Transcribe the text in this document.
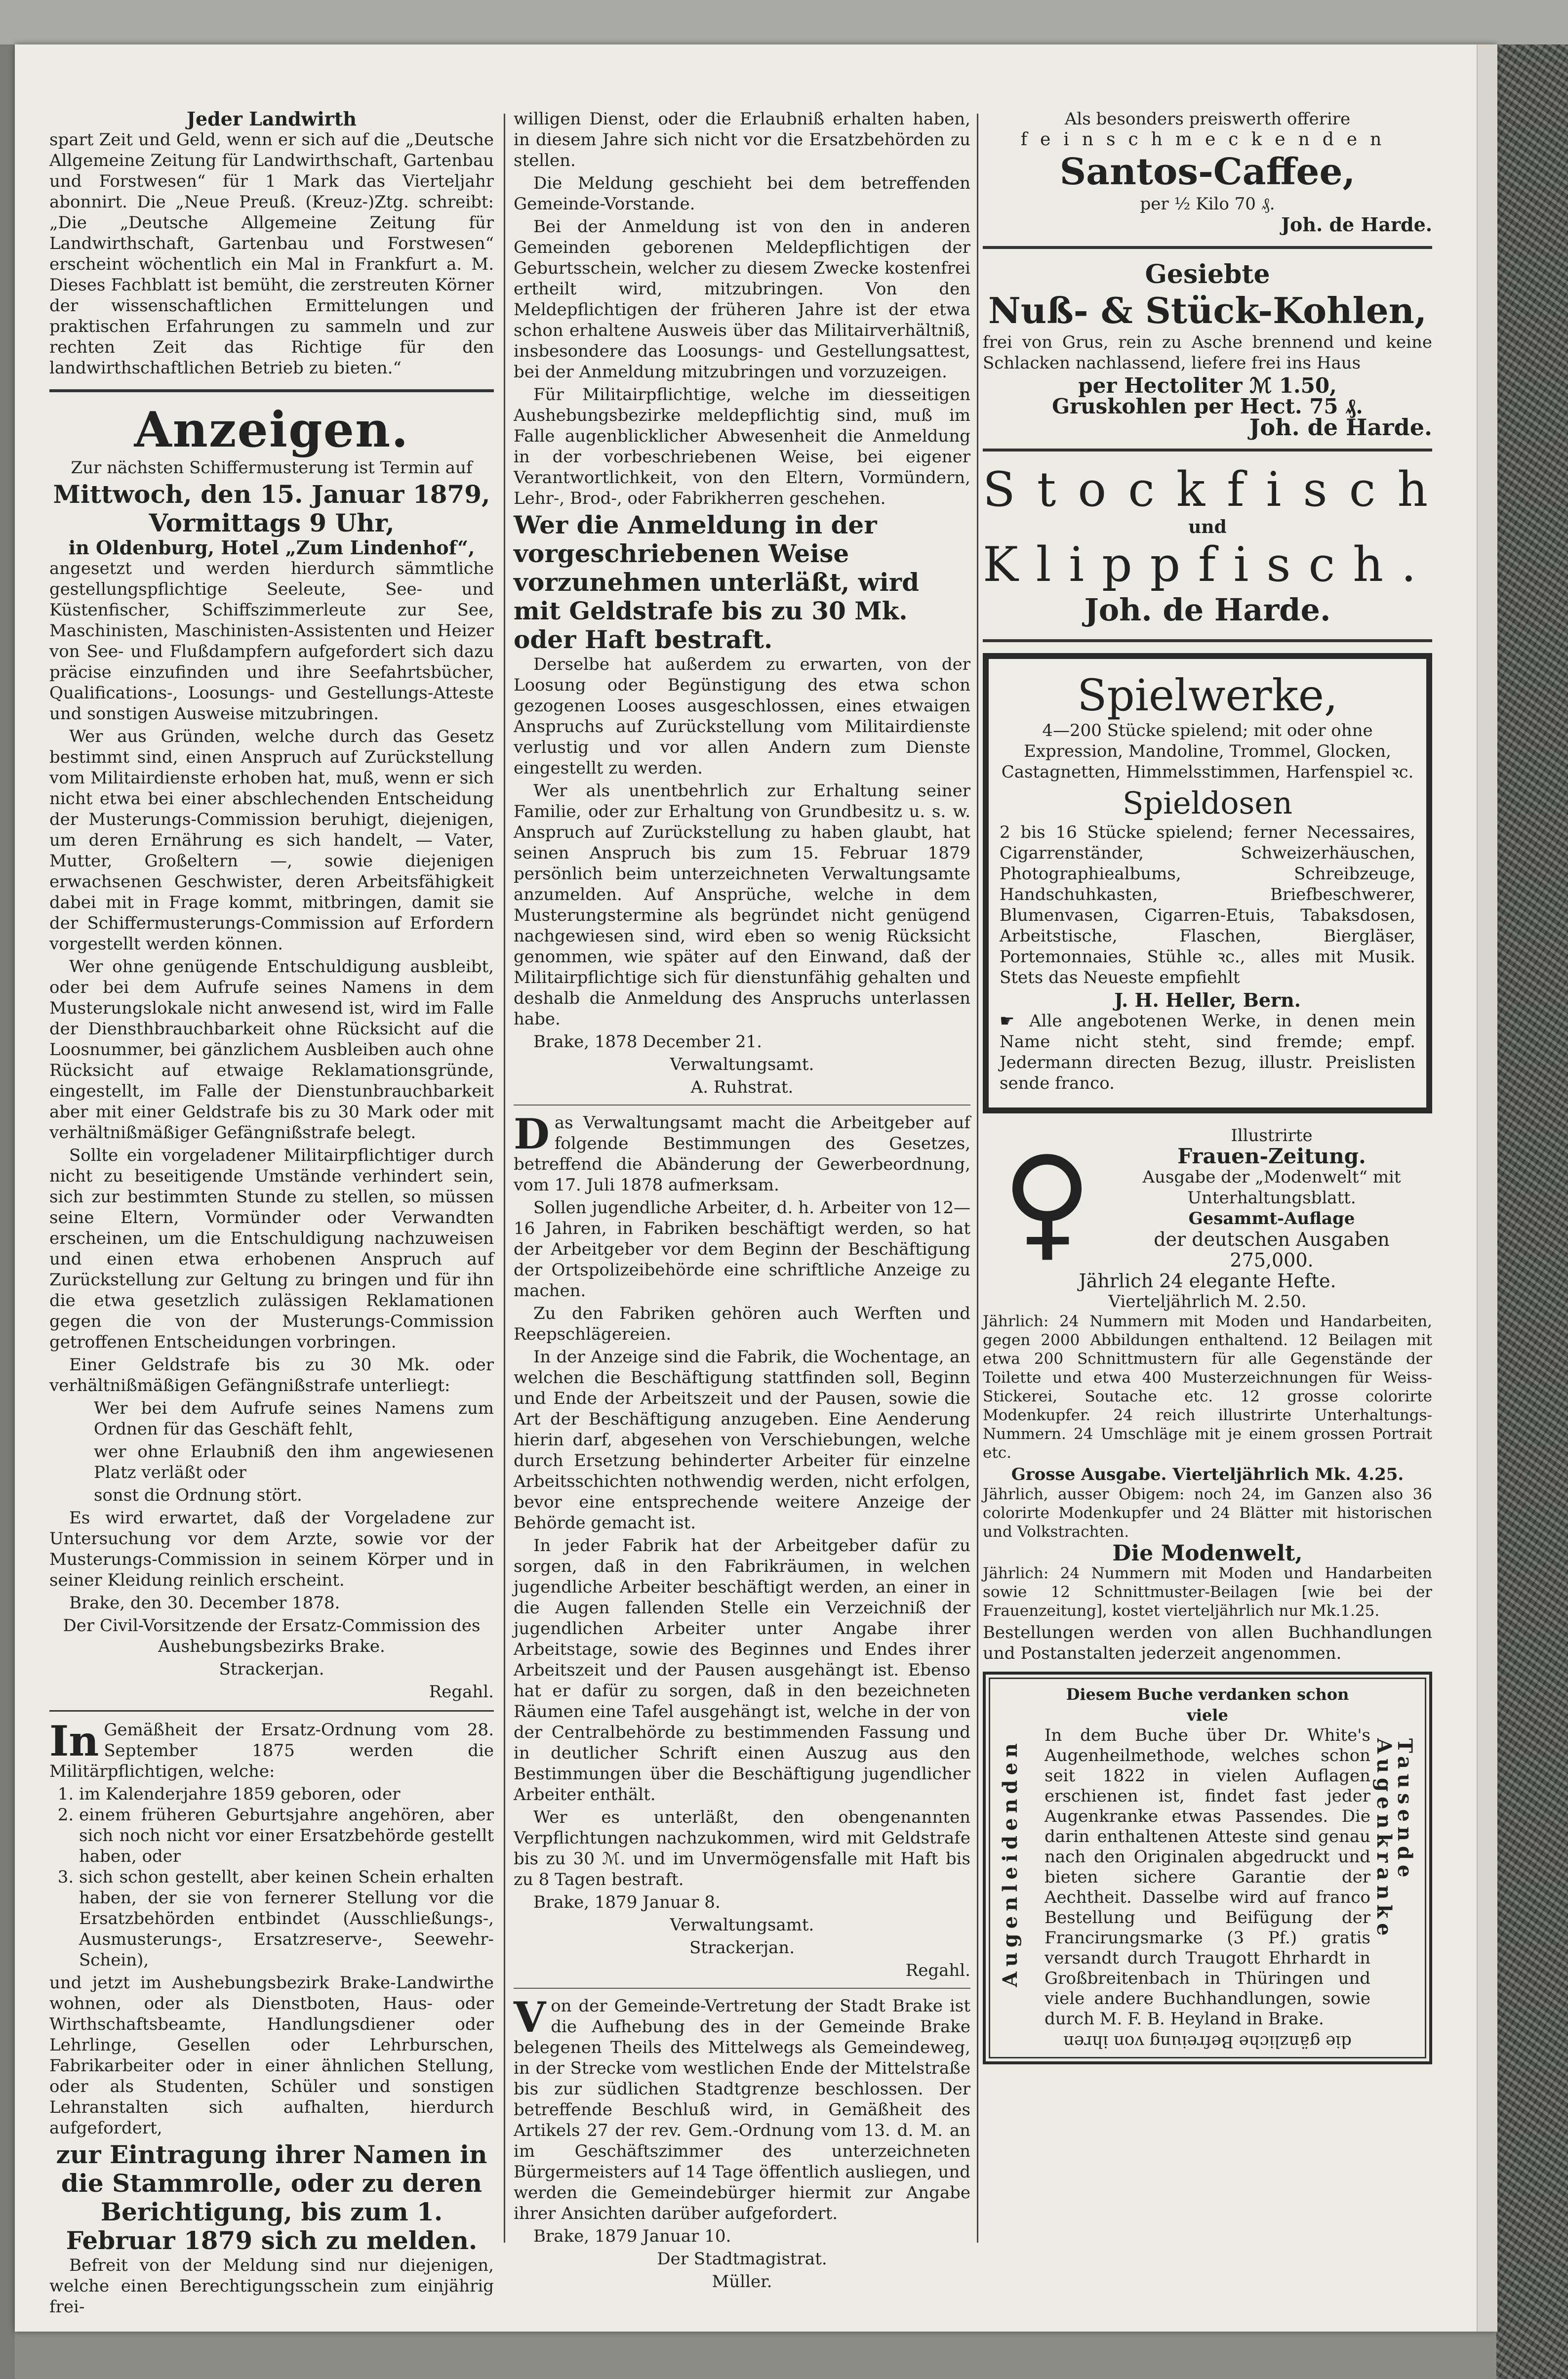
Jeder Landwirth

spart Zeit und Geld, wenn er sich auf die „Deutsche Allgemeine Zeitung für Landwirthschaft, Gartenbau und Forstwesen“ für 1 Mark das Vierteljahr abonnirt. Die „Neue Preuß. (Kreuz-)Ztg. schreibt: „Die „Deutsche Allgemeine Zeitung für Landwirthschaft, Gartenbau und Forstwesen“ erscheint wöchentlich ein Mal in Frankfurt a. M. Dieses Fachblatt ist bemüht, die zerstreuten Körner der wissenschaftlichen Ermittelungen und praktischen Erfahrungen zu sammeln und zur rechten Zeit das Richtige für den landwirthschaftlichen Betrieb zu bieten.“

Anzeigen.

Zur nächsten Schiffermusterung ist Termin auf

Mittwoch, den 15. Januar 1879, Vormittags 9 Uhr,
in Oldenburg, Hotel „Zum Lindenhof“,

angesetzt und werden hierdurch sämmtliche gestellungspflichtige Seeleute, See- und Küstenfischer, Schiffszimmerleute zur See, Maschinisten, Maschinisten-Assistenten und Heizer von See- und Flußdampfern aufgefordert sich dazu präcise einzufinden und ihre Seefahrtsbücher, Qualifications-, Loosungs- und Gestellungs-Atteste und sonstigen Ausweise mitzubringen.

Wer aus Gründen, welche durch das Gesetz bestimmt sind, einen Anspruch auf Zurückstellung vom Militairdienste erhoben hat, muß, wenn er sich nicht etwa bei einer abschlechenden Entscheidung der Musterungs-Commission beruhigt, diejenigen, um deren Ernährung es sich handelt, — Vater, Mutter, Großeltern —, sowie diejenigen erwachsenen Geschwister, deren Arbeitsfähigkeit dabei mit in Frage kommt, mitbringen, damit sie der Schiffermusterungs-Commission auf Erfordern vorgestellt werden können.

Wer ohne genügende Entschuldigung ausbleibt, oder bei dem Aufrufe seines Namens in dem Musterungslokale nicht anwesend ist, wird im Falle der Diensthbrauchbarkeit ohne Rücksicht auf die Loosnummer, bei gänzlichem Ausbleiben auch ohne Rücksicht auf etwaige Reklamationsgründe, eingestellt, im Falle der Dienstunbrauchbarkeit aber mit einer Geldstrafe bis zu 30 Mark oder mit verhältnißmäßiger Gefängnißstrafe belegt.

Sollte ein vorgeladener Militairpflichtiger durch nicht zu beseitigende Umstände verhindert sein, sich zur bestimmten Stunde zu stellen, so müssen seine Eltern, Vormünder oder Verwandten erscheinen, um die Entschuldigung nachzuweisen und einen etwa erhobenen Anspruch auf Zurückstellung zur Geltung zu bringen und für ihn die etwa gesetzlich zulässigen Reklamationen gegen die von der Musterungs-Commission getroffenen Entscheidungen vorbringen.

Einer Geldstrafe bis zu 30 Mk. oder verhältnißmäßigen Gefängnißstrafe unterliegt:

Wer bei dem Aufrufe seines Namens zum Ordnen für das Geschäft fehlt,

wer ohne Erlaubniß den ihm angewiesenen Platz verläßt oder

sonst die Ordnung stört.

Es wird erwartet, daß der Vorgeladene zur Untersuchung vor dem Arzte, sowie vor der Musterungs-Commission in seinem Körper und in seiner Kleidung reinlich erscheint.

Brake, den 30. December 1878.

Der Civil-Vorsitzende der Ersatz-Commission des Aushebungsbezirks Brake.

Strackerjan.

Regahl.

In Gemäßheit der Ersatz-Ordnung vom 28. September 1875 werden die Militärpflichtigen, welche:

1. im Kalenderjahre 1859 geboren, oder
2. einem früheren Geburtsjahre angehören, aber sich noch nicht vor einer Ersatzbehörde gestellt haben, oder
3. sich schon gestellt, aber keinen Schein erhalten haben, der sie von fernerer Stellung vor die Ersatzbehörden entbindet (Ausschließungs-, Ausmusterungs-, Ersatzreserve-, Seewehr-Schein),

und jetzt im Aushebungsbezirk Brake-Landwirthe wohnen, oder als Dienstboten, Haus- oder Wirthschaftsbeamte, Handlungsdiener oder Lehrlinge, Gesellen oder Lehrburschen, Fabrikarbeiter oder in einer ähnlichen Stellung, oder als Studenten, Schüler und sonstigen Lehranstalten sich aufhalten, hierdurch aufgefordert,

zur Eintragung ihrer Namen in die Stammrolle, oder zu deren Berichtigung, bis zum 1. Februar 1879 sich zu melden.

Befreit von der Meldung sind nur diejenigen, welche einen Berechtigungsschein zum einjährig frei-

willigen Dienst, oder die Erlaubniß erhalten haben, in diesem Jahre sich nicht vor die Ersatzbehörden zu stellen.

Die Meldung geschieht bei dem betreffenden Gemeinde-Vorstande.

Bei der Anmeldung ist von den in anderen Gemeinden geborenen Meldepflichtigen der Geburtsschein, welcher zu diesem Zwecke kostenfrei ertheilt wird, mitzubringen. Von den Meldepflichtigen der früheren Jahre ist der etwa schon erhaltene Ausweis über das Militairverhältniß, insbesondere das Loosungs- und Gestellungsattest, bei der Anmeldung mitzubringen und vorzuzeigen.

Für Militairpflichtige, welche im diesseitigen Aushebungsbezirke meldepflichtig sind, muß im Falle augenblicklicher Abwesenheit die Anmeldung in der vorbeschriebenen Weise, bei eigener Verantwortlichkeit, von den Eltern, Vormündern, Lehr-, Brod-, oder Fabrikherren geschehen.

Wer die Anmeldung in der vorgeschriebenen Weise vorzunehmen unterläßt, wird mit Geldstrafe bis zu 30 Mk. oder Haft bestraft.

Derselbe hat außerdem zu erwarten, von der Loosung oder Begünstigung des etwa schon gezogenen Looses ausgeschlossen, eines etwaigen Anspruchs auf Zurückstellung vom Militairdienste verlustig und vor allen Andern zum Dienste eingestellt zu werden.

Wer als unentbehrlich zur Erhaltung seiner Familie, oder zur Erhaltung von Grundbesitz u. s. w. Anspruch auf Zurückstellung zu haben glaubt, hat seinen Anspruch bis zum 15. Februar 1879 persönlich beim unterzeichneten Verwaltungsamte anzumelden. Auf Ansprüche, welche in dem Musterungstermine als begründet nicht genügend nachgewiesen sind, wird eben so wenig Rücksicht genommen, wie später auf den Einwand, daß der Militairpflichtige sich für dienstunfähig gehalten und deshalb die Anmeldung des Anspruchs unterlassen habe.

Brake, 1878 December 21.

Verwaltungsamt.

A. Ruhstrat.

Das Verwaltungsamt macht die Arbeitgeber auf folgende Bestimmungen des Gesetzes, betreffend die Abänderung der Gewerbeordnung, vom 17. Juli 1878 aufmerksam.

Sollen jugendliche Arbeiter, d. h. Arbeiter von 12—16 Jahren, in Fabriken beschäftigt werden, so hat der Arbeitgeber vor dem Beginn der Beschäftigung der Ortspolizeibehörde eine schriftliche Anzeige zu machen.

Zu den Fabriken gehören auch Werften und Reepschlägereien.

In der Anzeige sind die Fabrik, die Wochentage, an welchen die Beschäftigung stattfinden soll, Beginn und Ende der Arbeitszeit und der Pausen, sowie die Art der Beschäftigung anzugeben. Eine Aenderung hierin darf, abgesehen von Verschiebungen, welche durch Ersetzung behinderter Arbeiter für einzelne Arbeitsschichten nothwendig werden, nicht erfolgen, bevor eine entsprechende weitere Anzeige der Behörde gemacht ist.

In jeder Fabrik hat der Arbeitgeber dafür zu sorgen, daß in den Fabrikräumen, in welchen jugendliche Arbeiter beschäftigt werden, an einer in die Augen fallenden Stelle ein Verzeichniß der jugendlichen Arbeiter unter Angabe ihrer Arbeitstage, sowie des Beginnes und Endes ihrer Arbeitszeit und der Pausen ausgehängt ist. Ebenso hat er dafür zu sorgen, daß in den bezeichneten Räumen eine Tafel ausgehängt ist, welche in der von der Centralbehörde zu bestimmenden Fassung und in deutlicher Schrift einen Auszug aus den Bestimmungen über die Beschäftigung jugendlicher Arbeiter enthält.

Wer es unterläßt, den obengenannten Verpflichtungen nachzukommen, wird mit Geldstrafe bis zu 30 ℳ. und im Unvermögensfalle mit Haft bis zu 8 Tagen bestraft.

Brake, 1879 Januar 8.

Verwaltungsamt.

Strackerjan.

Regahl.

Von der Gemeinde-Vertretung der Stadt Brake ist die Aufhebung des in der Gemeinde Brake belegenen Theils des Mittelwegs als Gemeindeweg, in der Strecke vom westlichen Ende der Mittelstraße bis zur südlichen Stadtgrenze beschlossen. Der betreffende Beschluß wird, in Gemäßheit des Artikels 27 der rev. Gem.-Ordnung vom 13. d. M. an im Geschäftszimmer des unterzeichneten Bürgermeisters auf 14 Tage öffentlich ausliegen, und werden die Gemeindebürger hiermit zur Angabe ihrer Ansichten darüber aufgefordert.

Brake, 1879 Januar 10.

Der Stadtmagistrat.

Müller.

Als besonders preiswerth offerire
feinschmeckenden
Santos-Caffee,
per ½ Kilo 70 ₰.
Joh. de Harde.
Gesiebte
Nuß- & Stück-Kohlen,

frei von Grus, rein zu Asche brennend und keine Schlacken nachlassend, liefere frei ins Haus

per Hectoliter ℳ 1.50,
Gruskohlen per Hect. 75 ₰.
Joh. de Harde.
Stockfisch
und
Klippfisch.
Joh. de Harde.
Spielwerke,

4—200 Stücke spielend; mit oder ohne Expression, Mandoline, Trommel, Glocken, Castagnetten, Himmelsstimmen, Harfenspiel ꝛc.

Spieldosen

2 bis 16 Stücke spielend; ferner Necessaires, Cigarrenständer, Schweizerhäuschen, Photographiealbums, Schreibzeuge, Handschuhkasten, Briefbeschwerer, Blumenvasen, Cigarren-Etuis, Tabaksdosen, Arbeitstische, Flaschen, Biergläser, Portemonnaies, Stühle ꝛc., alles mit Musik. Stets das Neueste empfiehlt

J. H. Heller, Bern.

☛ Alle angebotenen Werke, in denen mein Name nicht steht, sind fremde; empf. Jedermann directen Bezug, illustr. Preislisten sende franco.

♀	Illustrirte
Frauen-Zeitung.
Ausgabe der „Modenwelt“ mit Unterhaltungsblatt.
Gesammt-Auflage
der deutschen Ausgaben 275,000.
Jährlich 24 elegante Hefte.
Vierteljährlich M. 2.50.

Jährlich: 24 Nummern mit Moden und Handarbeiten, gegen 2000 Abbildungen enthaltend. 12 Beilagen mit etwa 200 Schnittmustern für alle Gegenstände der Toilette und etwa 400 Musterzeichnungen für Weiss-Stickerei, Soutache etc. 12 grosse colorirte Modenkupfer. 24 reich illustrirte Unterhaltungs-Nummern. 24 Umschläge mit je einem grossen Portrait etc.

Grosse Ausgabe. Vierteljährlich Mk. 4.25.

Jährlich, ausser Obigem: noch 24, im Ganzen also 36 colorirte Modenkupfer und 24 Blätter mit historischen und Volkstrachten.

Die Modenwelt,

Jährlich: 24 Nummern mit Moden und Handarbeiten sowie 12 Schnittmuster-Beilagen [wie bei der Frauenzeitung], kostet vierteljährlich nur Mk.1.25.

Bestellungen werden von allen Buchhandlungen und Postanstalten jederzeit angenommen.

Diesem Buche verdanken schon viele

In dem Buche über Dr. White's Augenheilmethode, welches schon seit 1822 in vielen Auflagen erschienen ist, findet fast jeder Augenkranke etwas Passendes. Die darin enthaltenen Atteste sind genau nach den Originalen abgedruckt und bieten sichere Garantie der Aechtheit. Dasselbe wird auf franco Bestellung und Beifügung der Francirungsmarke (3 Pf.) gratis versandt durch Traugott Ehrhardt in Großbreitenbach in Thüringen und viele andere Buchhandlungen, sowie durch M. F. B. Heyland in Brake.

die gänzliche Befreiung von ihren
Augenleidenden	Tausende Augenkranke
